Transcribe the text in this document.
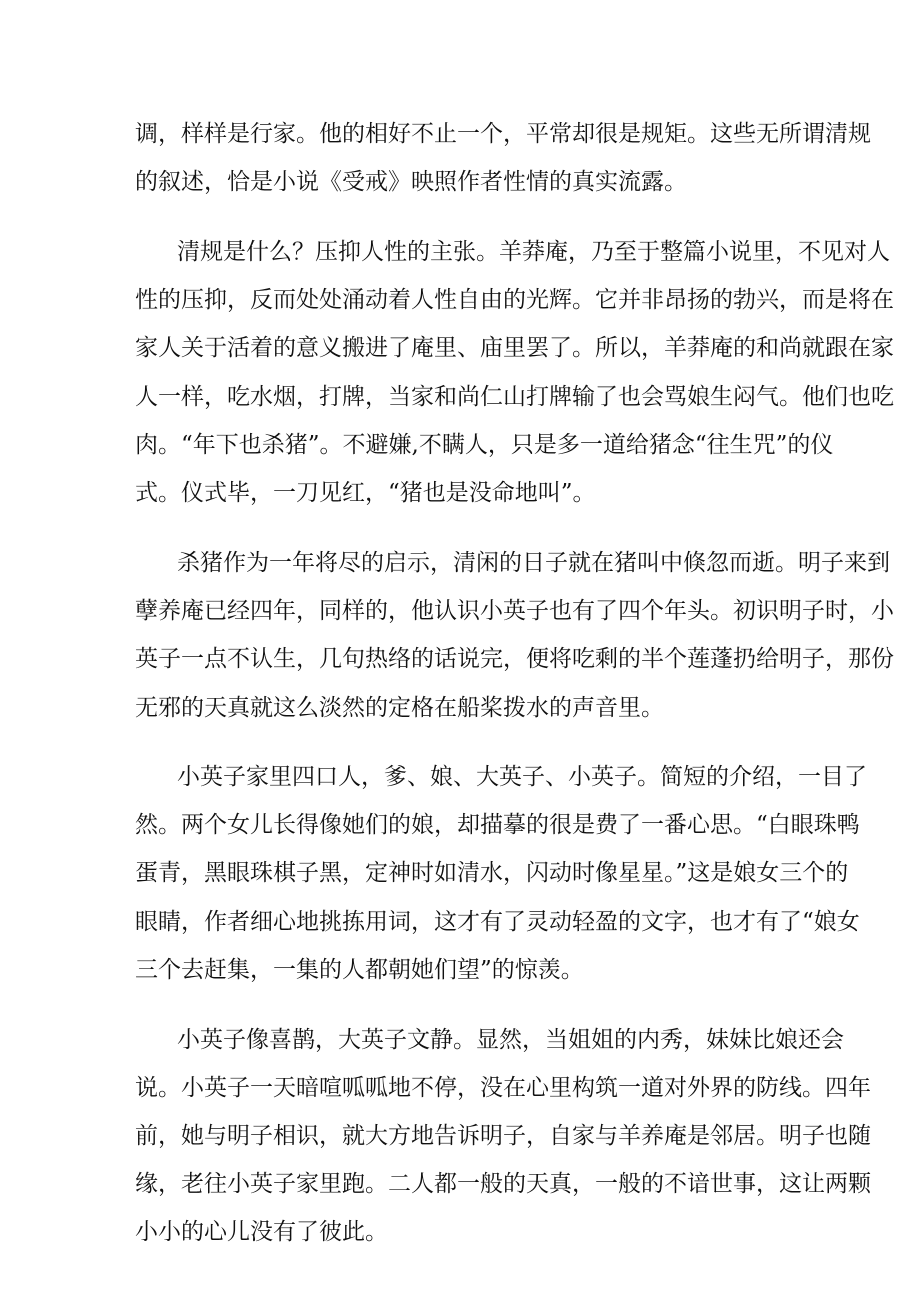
调，样样是行家。他的相好不止一个，平常却很是规矩。这些无所谓清规
的叙述，恰是小说《受戒》映照作者性情的真实流露。
清规是什么？压抑人性的主张。羊莽庵，乃至于整篇小说里，不见对人
性的压抑，反而处处涌动着人性自由的光辉。它并非昂扬的勃兴，而是将在
家人关于活着的意义搬进了庵里、庙里罢了。所以，羊莽庵的和尚就跟在家
人一样，吃水烟，打牌，当家和尚仁山打牌输了也会骂娘生闷气。他们也吃
肉。“年下也杀猪”。不避嫌,不瞒人，只是多一道给猪念“往生咒”的仪
式。仪式毕，一刀见红，“猪也是没命地叫”。
杀猪作为一年将尽的启示，清闲的日子就在猪叫中倏忽而逝。明子来到
孽养庵已经四年，同样的，他认识小英子也有了四个年头。初识明子时，小
英子一点不认生，几句热络的话说完，便将吃剩的半个莲蓬扔给明子，那份
无邪的天真就这么淡然的定格在船桨拨水的声音里。
小英子家里四口人，爹、娘、大英子、小英子。简短的介绍，一目了
然。两个女儿长得像她们的娘，却描摹的很是费了一番心思。“白眼珠鸭
蛋青，黑眼珠棋子黑，定神时如清水，闪动时像星星。”这是娘女三个的
眼睛，作者细心地挑拣用词，这才有了灵动轻盈的文字，也才有了“娘女
三个去赶集，一集的人都朝她们望”的惊羡。
小英子像喜鹊，大英子文静。显然，当姐姐的内秀，妹妹比娘还会
说。小英子一天暗喧呱呱地不停，没在心里构筑一道对外界的防线。四年
前，她与明子相识，就大方地告诉明子，自家与羊养庵是邻居。明子也随
缘，老往小英子家里跑。二人都一般的天真，一般的不谙世事，这让两颗
小小的心儿没有了彼此。
